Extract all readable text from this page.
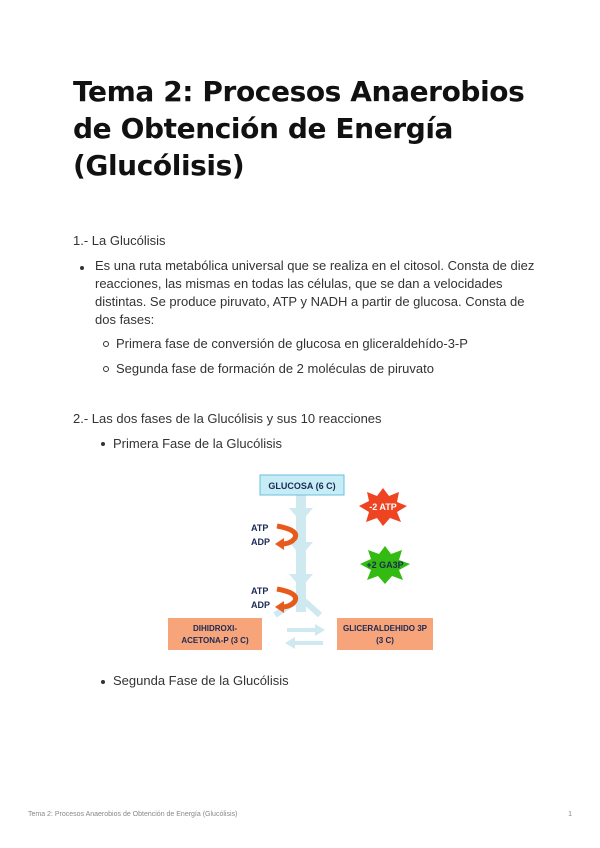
Tema 2: Procesos Anaerobios de Obtención de Energía (Glucólisis)

1.- La Glucólisis

Es una ruta metabólica universal que se realiza en el citosol. Consta de diez reacciones, las mismas en todas las células, que se dan a velocidades distintas. Se produce piruvato, ATP y NADH a partir de glucosa. Consta de dos fases:

Primera fase de conversión de glucosa en gliceraldehído-3-P

Segunda fase de formación de 2 moléculas de piruvato

2.- Las dos fases de la Glucólisis y sus 10 reacciones

Primera Fase de la Glucólisis

GLUCOSA (6 C)
-2 ATP
+2 GA3P
ATP
ADP
ATP
ADP
DIHIDROXI-
ACETONA-P (3 C)
GLICERALDEHIDO 3P
(3 C)

Segunda Fase de la Glucólisis

Tema 2: Procesos Anaerobios de Obtención de Energía (Glucólisis)	1
